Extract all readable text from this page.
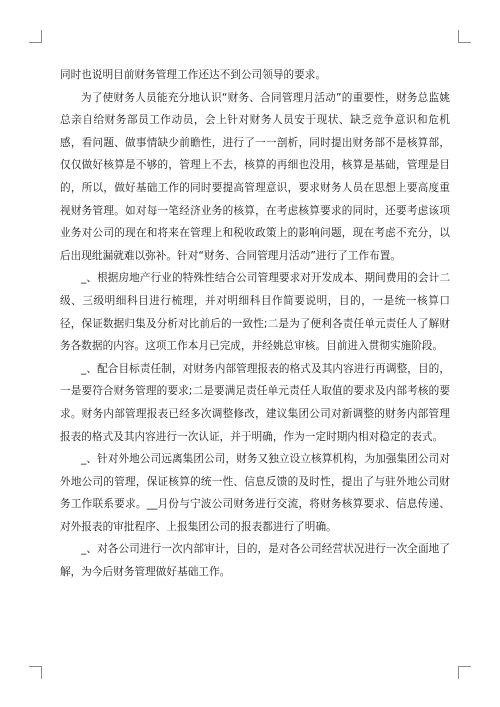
同时也说明目前财务管理工作还达不到公司领导的要求。

为了使财务人员能充分地认识“财务、合同管理月活动”的重要性，财务总监姚总亲自给财务部员工作动员，会上针对财务人员安于现状、缺乏竞争意识和危机感，看问题、做事情缺少前瞻性，进行了一一剖析，同时提出财务部不是核算部，仅仅做好核算是不够的，管理上不去，核算的再细也没用，核算是基础，管理是目的，所以，做好基础工作的同时要提高管理意识，要求财务人员在思想上要高度重视财务管理。如对每一笔经济业务的核算，在考虑核算要求的同时，还要考虑该项业务对公司的现在和将来在管理上和税收政策上的影响问题，现在考虑不充分，以后出现纰漏就难以弥补。针对“财务、合同管理月活动”进行了工作布置。

_、根据房地产行业的特殊性结合公司管理要求对开发成本、期间费用的会计二级、三级明细科目进行梳理，并对明细科目作简要说明，目的，一是统一核算口径，保证数据归集及分析对比前后的一致性;二是为了便利各责任单元责任人了解财务各数据的内容。这项工作本月已完成，并经姚总审核。目前进入贯彻实施阶段。

_、配合目标责任制，对财务内部管理报表的格式及其内容进行再调整，目的，一是要符合财务管理的要求;二是要满足责任单元责任人取值的要求及内部考核的要求。财务内部管理报表已经多次调整修改，建议集团公司对新调整的财务内部管理报表的格式及其内容进行一次认证，并于明确，作为一定时期内相对稳定的表式。

_、针对外地公司远离集团公司，财务又独立设立核算机构，为加强集团公司对外地公司的管理，保证核算的统一性、信息反馈的及时性，提出了与驻外地公司财务工作联系要求。__月份与宁波公司财务进行交流，将财务核算要求、信息传递、对外报表的审批程序、上报集团公司的报表都进行了明确。

_、对各公司进行一次内部审计，目的，是对各公司经营状况进行一次全面地了解，为今后财务管理做好基础工作。
